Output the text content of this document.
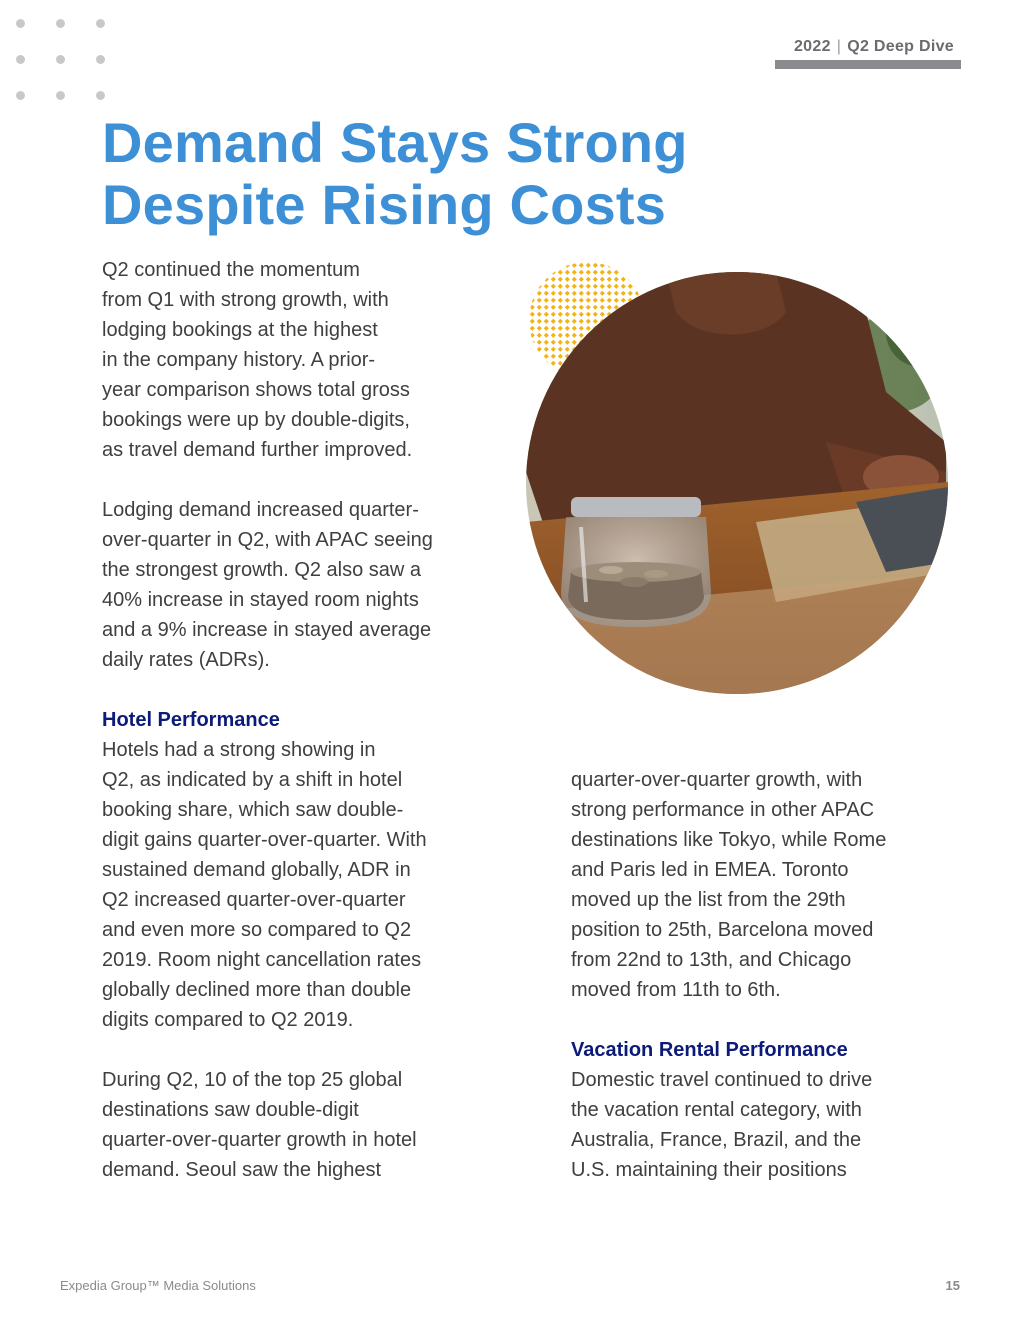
2022 | Q2 Deep Dive
Demand Stays Strong
Despite Rising Costs
Q2 continued the momentum
from Q1 with strong growth, with
lodging bookings at the highest
in the company history. A prior-
year comparison shows total gross
bookings were up by double-digits,
as travel demand further improved.
Lodging demand increased quarter-
over-quarter in Q2, with APAC seeing
the strongest growth. Q2 also saw a
40% increase in stayed room nights
and a 9% increase in stayed average
daily rates (ADRs).
Hotel Performance
Hotels had a strong showing in
Q2, as indicated by a shift in hotel
booking share, which saw double-
digit gains quarter-over-quarter. With
sustained demand globally, ADR in
Q2 increased quarter-over-quarter
and even more so compared to Q2
2019. Room night cancellation rates
globally declined more than double
digits compared to Q2 2019.
During Q2, 10 of the top 25 global
destinations saw double-digit
quarter-over-quarter growth in hotel
demand. Seoul saw the highest
quarter-over-quarter growth, with
strong performance in other APAC
destinations like Tokyo, while Rome
and Paris led in EMEA. Toronto
moved up the list from the 29th
position to 25th, Barcelona moved
from 22nd to 13th, and Chicago
moved from 11th to 6th.
Vacation Rental Performance
Domestic travel continued to drive
the vacation rental category, with
Australia, France, Brazil, and the
U.S. maintaining their positions
Expedia Group™ Media Solutions	15
